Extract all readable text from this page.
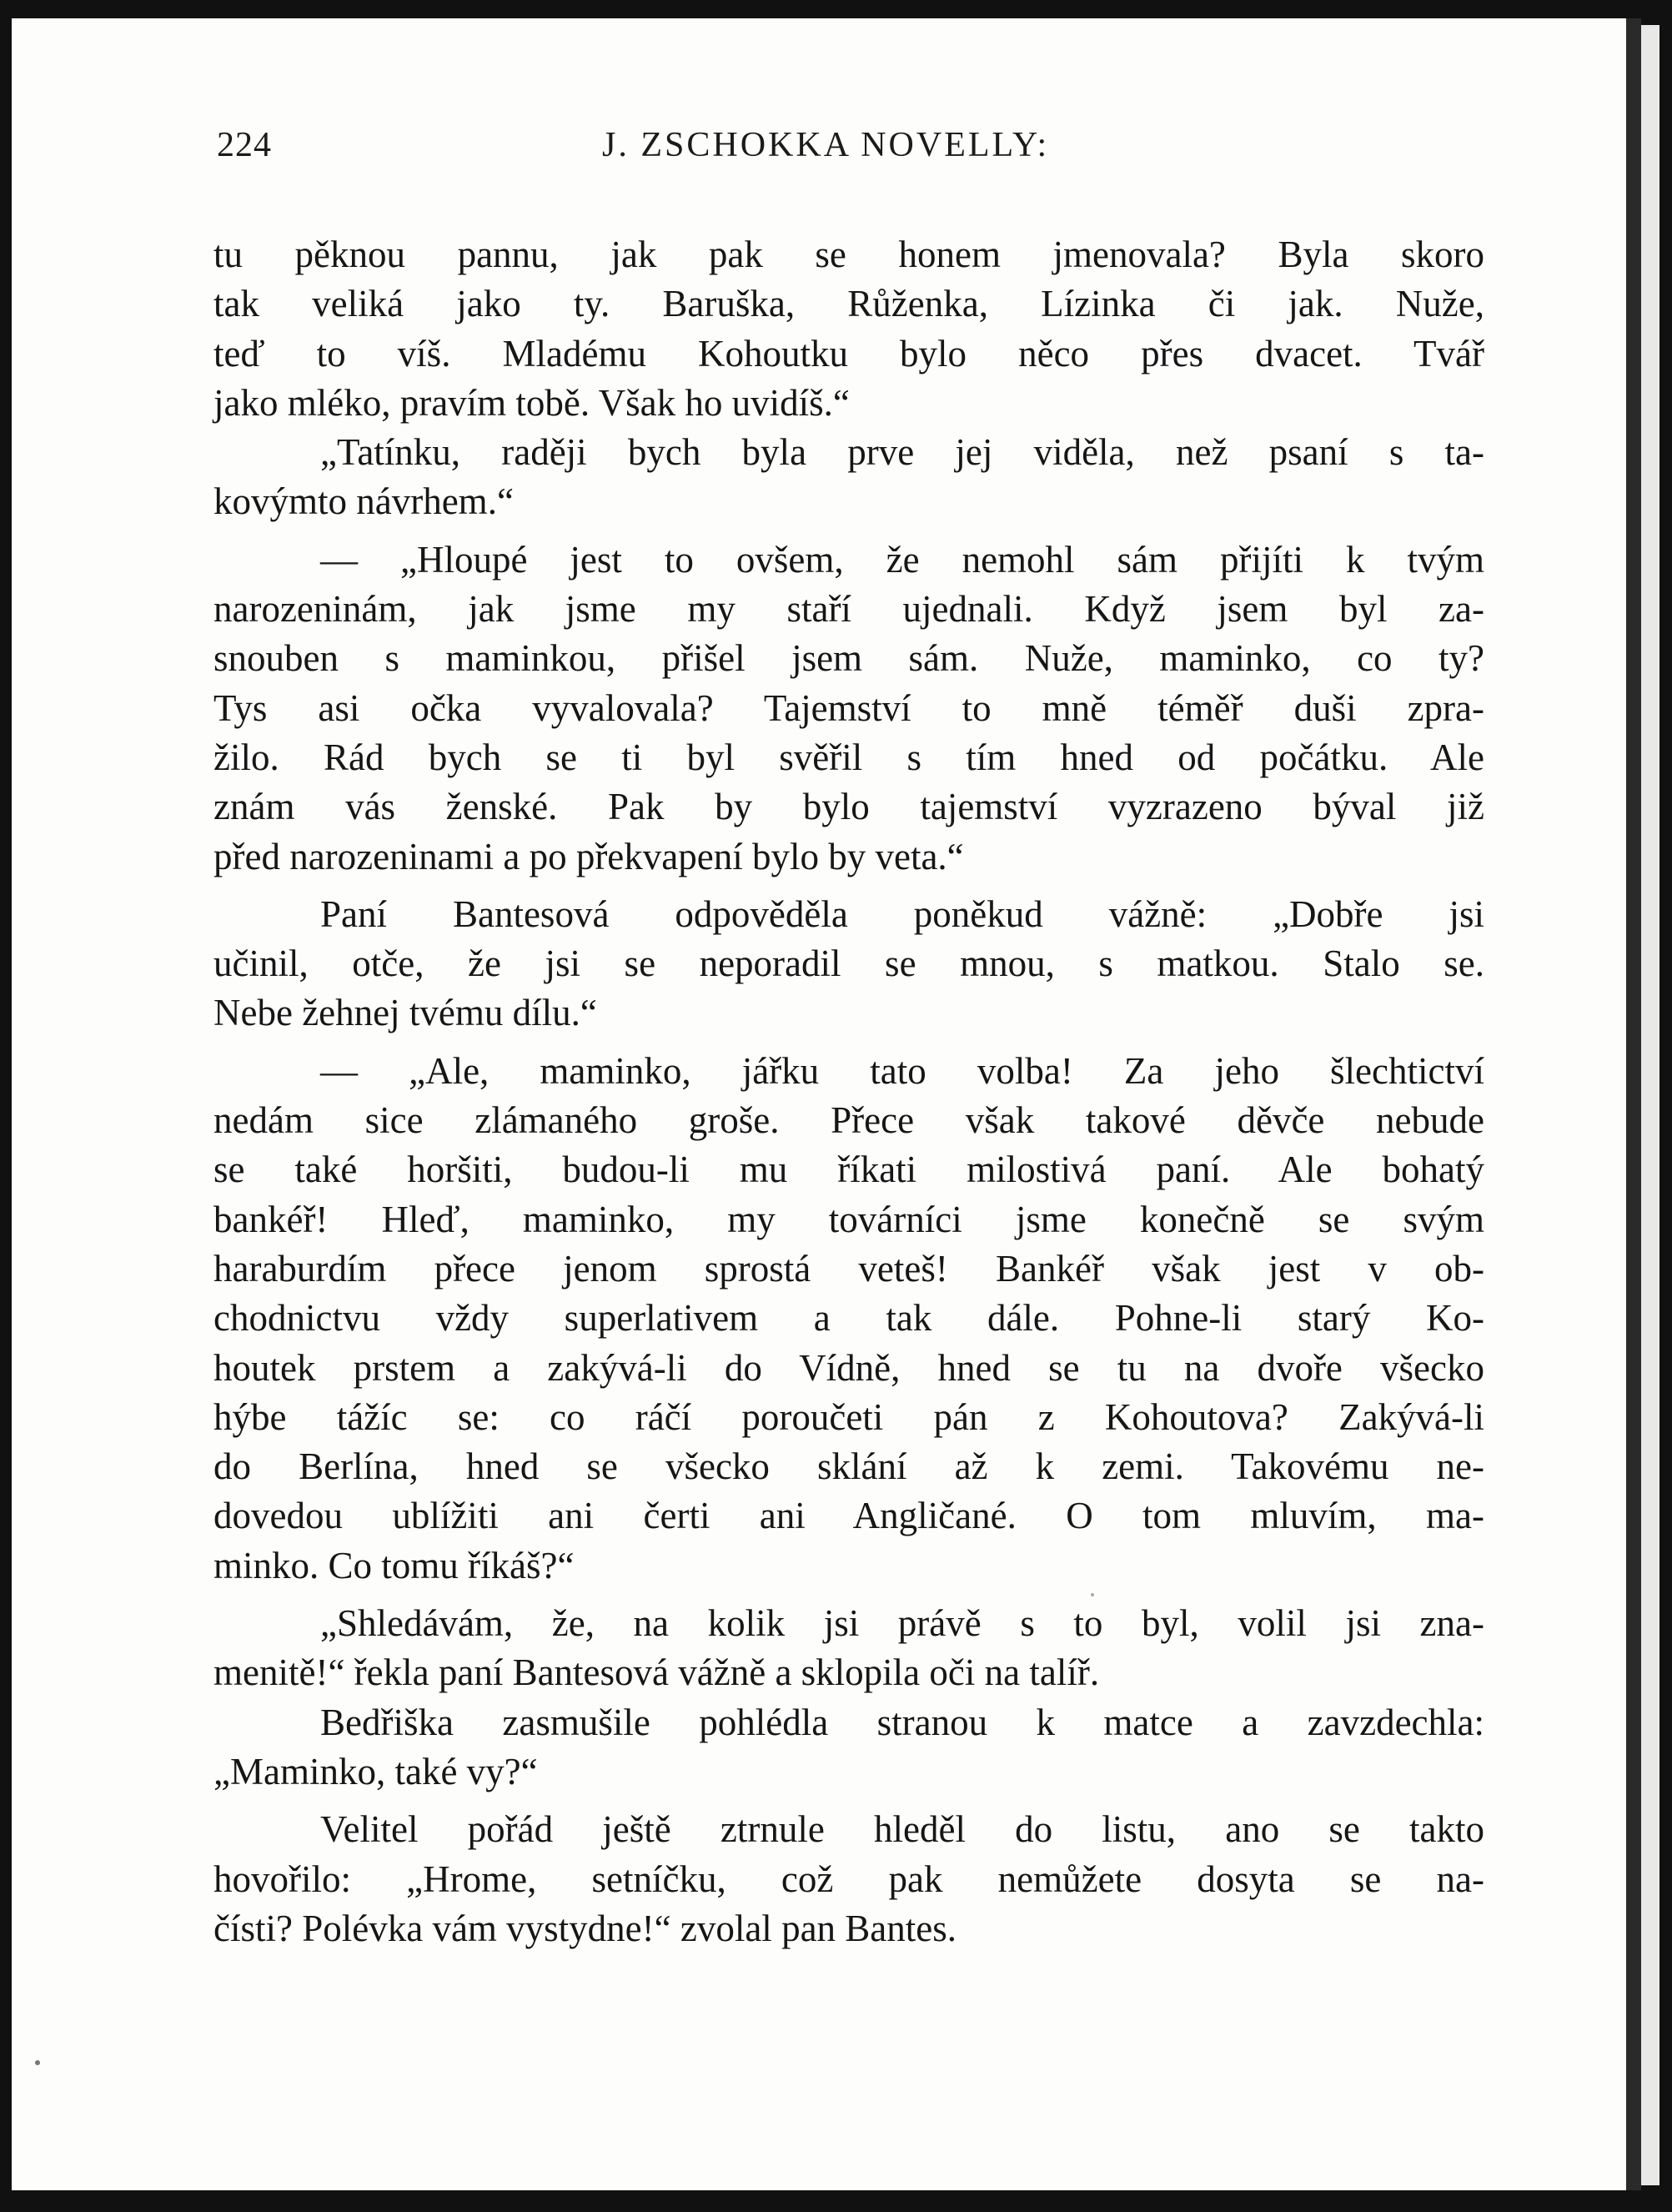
224	J. ZSCHOKKA NOVELLY:
tu pěknou pannu, jak pak se honem jmenovala? Byla skoro
tak veliká jako ty. Baruška, Růženka, Lízinka či jak. Nuže,
teď to víš. Mladému Kohoutku bylo něco přes dvacet. Tvář
jako mléko, pravím tobě. Však ho uvidíš.“
„Tatínku, raději bych byla prve jej viděla, než psaní s ta-
kovýmto návrhem.“
— „Hloupé jest to ovšem, že nemohl sám přijíti k tvým
narozeninám, jak jsme my staří ujednali. Když jsem byl za-
snouben s maminkou, přišel jsem sám. Nuže, maminko, co ty?
Tys asi očka vyvalovala? Tajemství to mně téměř duši zpra-
žilo. Rád bych se ti byl svěřil s tím hned od počátku. Ale
znám vás ženské. Pak by bylo tajemství vyzrazeno býval již
před narozeninami a po překvapení bylo by veta.“
Paní Bantesová odpověděla poněkud vážně: „Dobře jsi
učinil, otče, že jsi se neporadil se mnou, s matkou. Stalo se.
Nebe žehnej tvému dílu.“
— „Ale, maminko, jářku tato volba! Za jeho šlechtictví
nedám sice zlámaného groše. Přece však takové děvče nebude
se také horšiti, budou-li mu říkati milostivá paní. Ale bohatý
bankéř! Hleď, maminko, my továrníci jsme konečně se svým
haraburdím přece jenom sprostá veteš! Bankéř však jest v ob-
chodnictvu vždy superlativem a tak dále. Pohne-li starý Ko-
houtek prstem a zakývá-li do Vídně, hned se tu na dvoře všecko
hýbe tážíc se: co ráčí poroučeti pán z Kohoutova? Zakývá-li
do Berlína, hned se všecko sklání až k zemi. Takovému ne-
dovedou ublížiti ani čerti ani Angličané. O tom mluvím, ma-
minko. Co tomu říkáš?“
„Shledávám, že, na kolik jsi právě s to byl, volil jsi zna-
menitě!“ řekla paní Bantesová vážně a sklopila oči na talíř.
Bedřiška zasmušile pohlédla stranou k matce a zavzdechla:
„Maminko, také vy?“
Velitel pořád ještě ztrnule hleděl do listu, ano se takto
hovořilo: „Hrome, setníčku, což pak nemůžete dosyta se na-
čísti? Polévka vám vystydne!“ zvolal pan Bantes.
